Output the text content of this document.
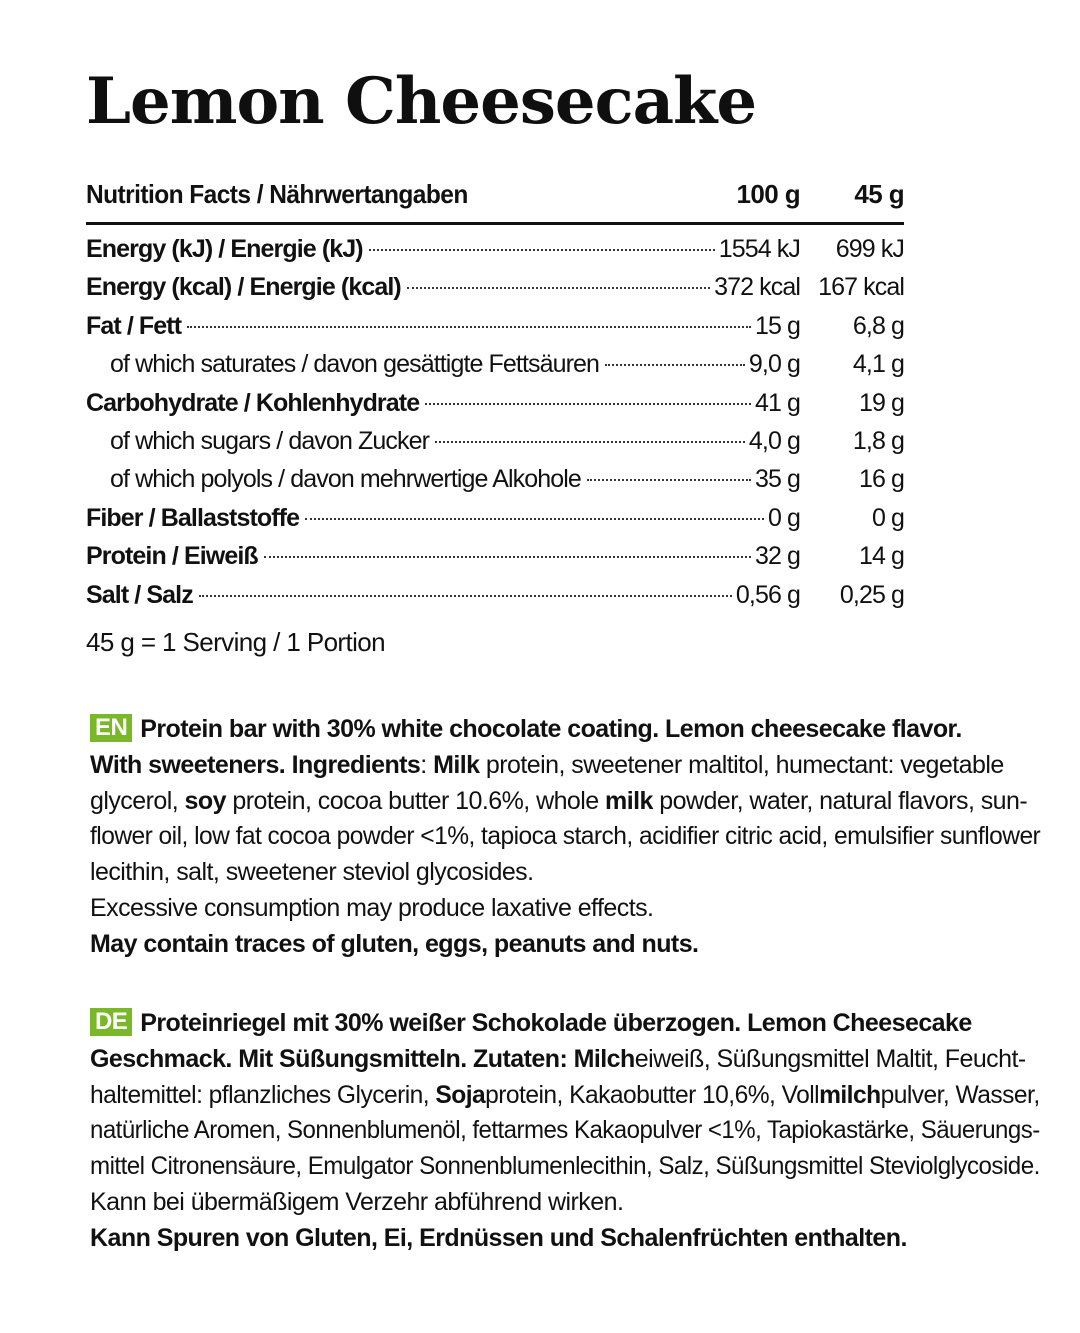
Lemon Cheesecake
Nutrition Facts / Nährwertangaben	100 g	45 g
Energy (kJ) / Energie (kJ)	1554 kJ	699 kJ
Energy (kcal) / Energie (kcal)	372 kcal 167 kcal
Fat / Fett	15 g	6,8 g
of which saturates / davon gesättigte Fettsäuren	9,0 g	4,1 g
Carbohydrate / Kohlenhydrate	41 g	19 g
of which sugars / davon Zucker	4,0 g	1,8 g
of which polyols / davon mehrwertige Alkohole	35 g	16 g
Fiber / Ballaststoffe	0 g	0 g
Protein / Eiweiß	32 g	14 g
Salt / Salz	0,56 g	0,25 g
45 g = 1 Serving / 1 Portion
EN Protein bar with 30% white chocolate coating. Lemon cheesecake flavor.
With sweeteners. Ingredients: Milk protein, sweetener maltitol, humectant: vegetable
glycerol, soy protein, cocoa butter 10.6%, whole milk powder, water, natural flavors, sun-
flower oil, low fat cocoa powder <1%, tapioca starch, acidifier citric acid, emulsifier sunflower
lecithin, salt, sweetener steviol glycosides.
Excessive consumption may produce laxative effects.
May contain traces of gluten, eggs, peanuts and nuts.
DE Proteinriegel mit 30% weißer Schokolade überzogen. Lemon Cheesecake
Geschmack. Mit Süßungsmitteln. Zutaten: Milcheiweiß, Süßungsmittel Maltit, Feucht-
haltemittel: pflanzliches Glycerin, Sojaprotein, Kakaobutter 10,6%, Vollmilchpulver, Wasser,
natürliche Aromen, Sonnenblumenöl, fettarmes Kakaopulver <1%, Tapiokastärke, Säuerungs-
mittel Citronensäure, Emulgator Sonnenblumenlecithin, Salz, Süßungsmittel Steviolglycoside.
Kann bei übermäßigem Verzehr abführend wirken.
Kann Spuren von Gluten, Ei, Erdnüssen und Schalenfrüchten enthalten.
